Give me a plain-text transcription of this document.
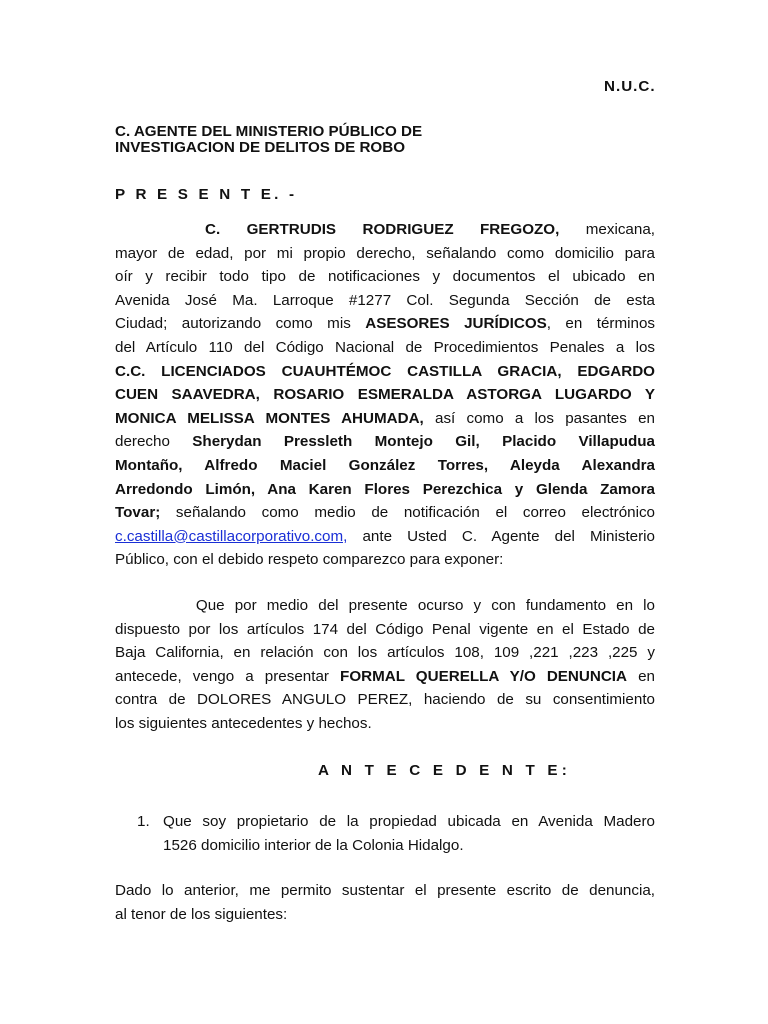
N.U.C.
C. AGENTE DEL MINISTERIO PÚBLICO DE
INVESTIGACION DE DELITOS DE ROBO
P R E S E N T E. -
C. GERTRUDIS RODRIGUEZ FREGOZO, mexicana,
mayor de edad, por mi propio derecho, señalando como domicilio para
oír y recibir todo tipo de notificaciones y documentos el ubicado en
Avenida José Ma. Larroque #1277 Col. Segunda Sección de esta
Ciudad; autorizando como mis ASESORES JURÍDICOS, en términos
del Artículo 110 del Código Nacional de Procedimientos Penales a los
C.C. LICENCIADOS CUAUHTÉMOC CASTILLA GRACIA, EDGARDO
CUEN SAAVEDRA, ROSARIO ESMERALDA ASTORGA LUGARDO Y
MONICA MELISSA MONTES AHUMADA, así como a los pasantes en
derecho Sherydan Pressleth Montejo Gil, Placido Villapudua
Montaño, Alfredo Maciel González Torres, Aleyda Alexandra
Arredondo Limón, Ana Karen Flores Perezchica y Glenda Zamora
Tovar; señalando como medio de notificación el correo electrónico
c.castilla@castillacorporativo.com, ante Usted C. Agente del Ministerio
Público, con el debido respeto comparezco para exponer:
Que por medio del presente ocurso y con fundamento en lo
dispuesto por los artículos 174 del Código Penal vigente en el Estado de
Baja California, en relación con los artículos 108, 109 ,221 ,223 ,225 y
antecede, vengo a presentar FORMAL QUERELLA Y/O DENUNCIA en
contra de DOLORES ANGULO PEREZ, haciendo de su consentimiento
los siguientes antecedentes y hechos.
A N T E C E D E N T E:
1. Que soy propietario de la propiedad ubicada en Avenida Madero
1526 domicilio interior de la Colonia Hidalgo.
Dado lo anterior, me permito sustentar el presente escrito de denuncia,
al tenor de los siguientes:
